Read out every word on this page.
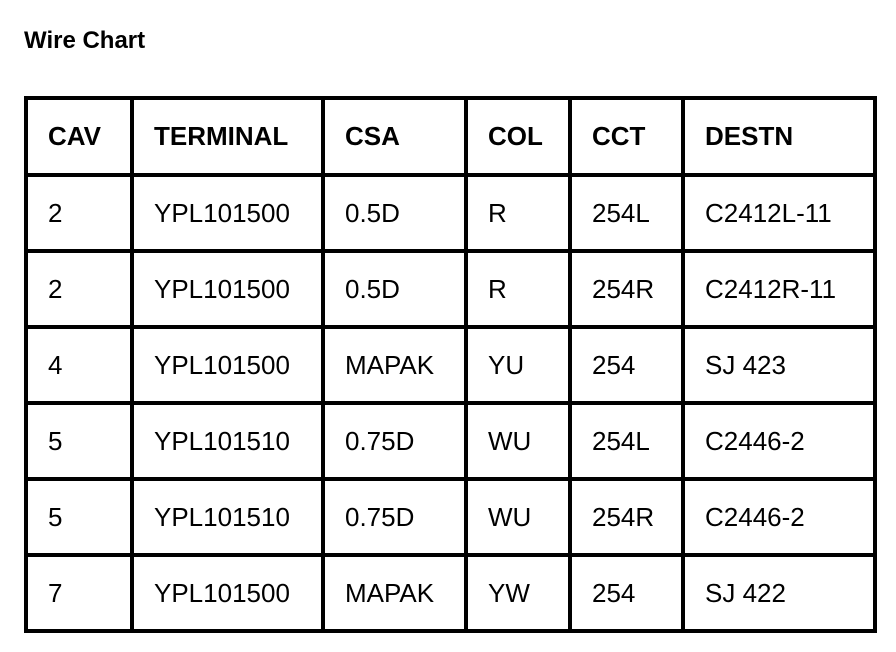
Wire Chart
CAV	TERMINAL	CSA	COL	CCT	DESTN
2	YPL101500	0.5D	R	254L	C2412L-11
2	YPL101500	0.5D	R	254R	C2412R-11
4	YPL101500	MAPAK	YU	254	SJ 423
5	YPL101510	0.75D	WU	254L	C2446-2
5	YPL101510	0.75D	WU	254R	C2446-2
7	YPL101500	MAPAK	YW	254	SJ 422
